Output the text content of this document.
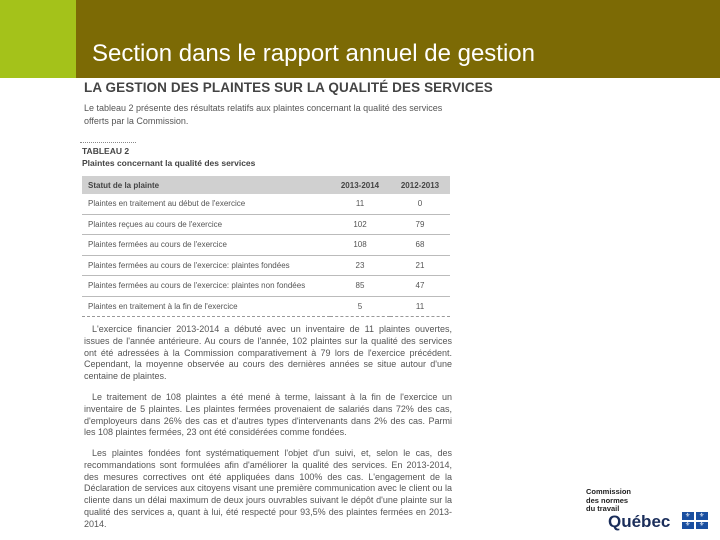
Section dans le rapport annuel de gestion
LA GESTION DES PLAINTES SUR LA QUALITÉ DES SERVICES
Le tableau 2 présente des résultats relatifs aux plaintes concernant la qualité des services offerts par la Commission.
TABLEAU 2
Plaintes concernant la qualité des services
Statut de la plainte	2013-2014	2012-2013
Plaintes en traitement au début de l'exercice	11	0
Plaintes reçues au cours de l'exercice	102	79
Plaintes fermées au cours de l'exercice	108	68
Plaintes fermées au cours de l'exercice: plaintes fondées	23	21
Plaintes fermées au cours de l'exercice: plaintes non fondées	85	47
Plaintes en traitement à la fin de l'exercice	5	11
L'exercice financier 2013-2014 a débuté avec un inventaire de 11 plaintes ouvertes, issues de l'année antérieure. Au cours de l'année, 102 plaintes sur la qualité des services ont été adressées à la Commission comparativement à 79 lors de l'exercice précédent. Cependant, la moyenne observée au cours des dernières années se situe autour d'une centaine de plaintes.
Le traitement de 108 plaintes a été mené à terme, laissant à la fin de l'exercice un inventaire de 5 plaintes. Les plaintes fermées provenaient de salariés dans 72% des cas, d'employeurs dans 26% des cas et d'autres types d'intervenants dans 2% des cas. Parmi les 108 plaintes fermées, 23 ont été considérées comme fondées.
Les plaintes fondées font systématiquement l'objet d'un suivi, et, selon le cas, des recommandations sont formulées afin d'améliorer la qualité des services. En 2013-2014, des mesures correctives ont été appliquées dans 100% des cas. L'engagement de la Déclaration de services aux citoyens visant une première communication avec le client ou la cliente dans un délai maximum de deux jours ouvrables suivant le dépôt d'une plainte sur la qualité des services a, quant à lui, été respecté pour 93,5% des plaintes fermées en 2013-2014.
Commission
des normes
du travail
Québec ⚜ ⚜
⚜ ⚜
